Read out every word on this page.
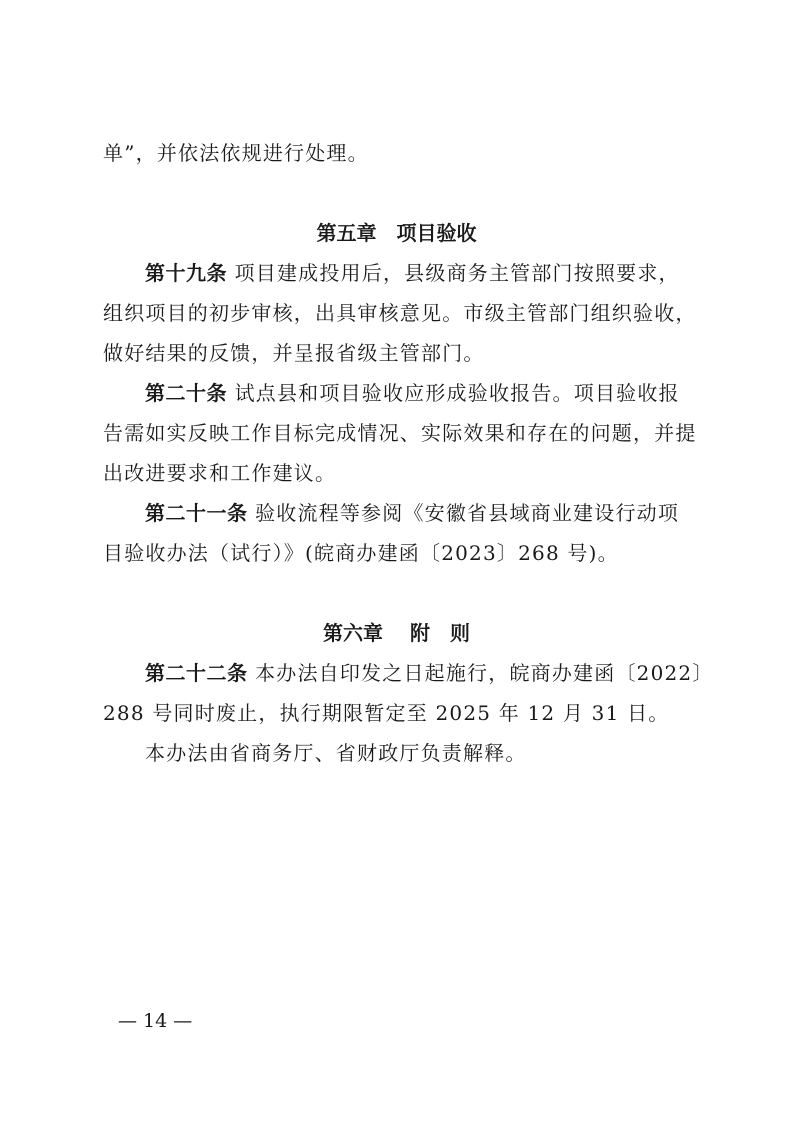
单”，并依法依规进行处理。
第五章　项目验收
第十九条 项目建成投用后，县级商务主管部门按照要求，
组织项目的初步审核，出具审核意见。市级主管部门组织验收，
做好结果的反馈，并呈报省级主管部门。
第二十条 试点县和项目验收应形成验收报告。项目验收报
告需如实反映工作目标完成情况、实际效果和存在的问题，并提
出改进要求和工作建议。
第二十一条 验收流程等参阅《安徽省县域商业建设行动项
目验收办法（试行）》(皖商办建函〔2023〕268 号)。
第六章　 附　则
第二十二条 本办法自印发之日起施行，皖商办建函〔2022〕
288 号同时废止，执行期限暂定至 2025 年 12 月 31 日。
本办法由省商务厅、省财政厅负责解释。
— 14 —
